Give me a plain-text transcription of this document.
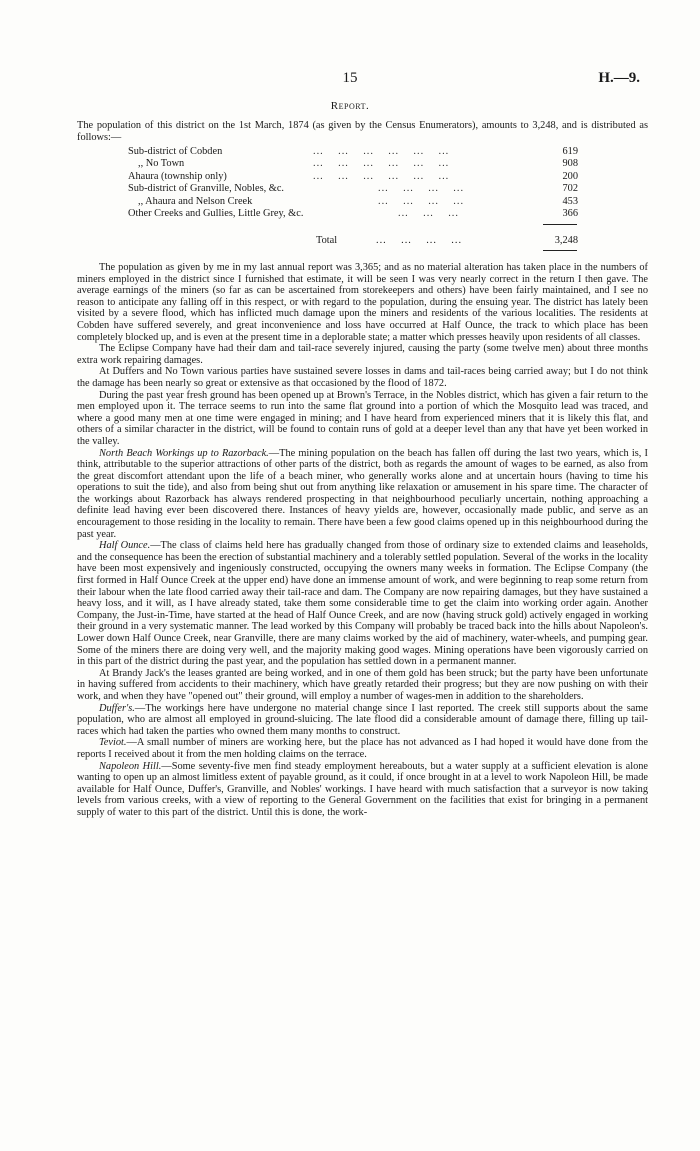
15	H.—9.
Report.

The population of this district on the 1st March, 1874 (as given by the Census Enumerators), amounts to 3,248, and is distributed as follows:—

Sub-district of Cobden	...    ...    ...    ...    ...    ...	619
,, No Town	...    ...    ...    ...    ...    ...	908
Ahaura (township only)	...    ...    ...    ...    ...    ...	200
Sub-district of Granville, Nobles, &c.	...    ...    ...    ...	702
,, Ahaura and Nelson Creek	...    ...    ...    ...	453
Other Creeks and Gullies, Little Grey, &c.	...    ...    ...	366
Total	...    ...    ...    ...	3,248

The population as given by me in my last annual report was 3,365; and as no material alteration has taken place in the numbers of miners employed in the district since I furnished that estimate, it will be seen I was very nearly correct in the return I then gave. The average earnings of the miners (so far as can be ascertained from storekeepers and others) have been fairly maintained, and I see no reason to anticipate any falling off in this respect, or with regard to the population, during the ensuing year. The district has lately been visited by a severe flood, which has inflicted much damage upon the miners and residents of the various localities. The residents at Cobden have suffered severely, and great inconvenience and loss have occurred at Half Ounce, the track to which place has been completely blocked up, and is even at the present time in a deplorable state; a matter which presses heavily upon residents of all classes.

The Eclipse Company have had their dam and tail-race severely injured, causing the party (some twelve men) about three months extra work repairing damages.

At Duffers and No Town various parties have sustained severe losses in dams and tail-races being carried away; but I do not think the damage has been nearly so great or extensive as that occasioned by the flood of 1872.

During the past year fresh ground has been opened up at Brown's Terrace, in the Nobles district, which has given a fair return to the men employed upon it. The terrace seems to run into the same flat ground into a portion of which the Mosquito lead was traced, and where a good many men at one time were engaged in mining; and I have heard from experienced miners that it is likely this flat, and others of a similar character in the district, will be found to contain runs of gold at a deeper level than any that have yet been worked in the valley.

North Beach Workings up to Razorback.—The mining population on the beach has fallen off during the last two years, which is, I think, attributable to the superior attractions of other parts of the district, both as regards the amount of wages to be earned, as also from the great discomfort attendant upon the life of a beach miner, who generally works alone and at uncertain hours (having to time his operations to suit the tide), and also from being shut out from anything like relaxation or amusement in his spare time. The character of the workings about Razorback has always rendered prospecting in that neighbourhood peculiarly uncertain, nothing approaching a definite lead having ever been discovered there. Instances of heavy yields are, however, occasionally made public, and serve as an encouragement to those residing in the locality to remain. There have been a few good claims opened up in this neighbourhood during the past year.

Half Ounce.—The class of claims held here has gradually changed from those of ordinary size to extended claims and leaseholds, and the consequence has been the erection of substantial machinery and a tolerably settled population. Several of the works in the locality have been most expensively and ingeniously constructed, occupying the owners many weeks in formation. The Eclipse Company (the first formed in Half Ounce Creek at the upper end) have done an immense amount of work, and were beginning to reap some return from their labour when the late flood carried away their tail-race and dam. The Company are now repairing damages, but they have sustained a heavy loss, and it will, as I have already stated, take them some considerable time to get the claim into working order again. Another Company, the Just-in-Time, have started at the head of Half Ounce Creek, and are now (having struck gold) actively engaged in working their ground in a very systematic manner. The lead worked by this Company will probably be traced back into the hills about Napoleon's. Lower down Half Ounce Creek, near Granville, there are many claims worked by the aid of machinery, water-wheels, and pumping gear. Some of the miners there are doing very well, and the majority making good wages. Mining operations have been vigorously carried on in this part of the district during the past year, and the population has settled down in a permanent manner.

At Brandy Jack's the leases granted are being worked, and in one of them gold has been struck; but the party have been unfortunate in having suffered from accidents to their machinery, which have greatly retarded their progress; but they are now pushing on with their work, and when they have "opened out" their ground, will employ a number of wages-men in addition to the shareholders.

Duffer's.—The workings here have undergone no material change since I last reported. The creek still supports about the same population, who are almost all employed in ground-sluicing. The late flood did a considerable amount of damage there, filling up tail-races which had taken the parties who owned them many months to construct.

Teviot.—A small number of miners are working here, but the place has not advanced as I had hoped it would have done from the reports I received about it from the men holding claims on the terrace.

Napoleon Hill.—Some seventy-five men find steady employment hereabouts, but a water supply at a sufficient elevation is alone wanting to open up an almost limitless extent of payable ground, as it could, if once brought in at a level to work Napoleon Hill, be made available for Half Ounce, Duffer's, Granville, and Nobles' workings. I have heard with much satisfaction that a surveyor is now taking levels from various creeks, with a view of reporting to the General Government on the facilities that exist for bringing in a permanent supply of water to this part of the district. Until this is done, the work-
